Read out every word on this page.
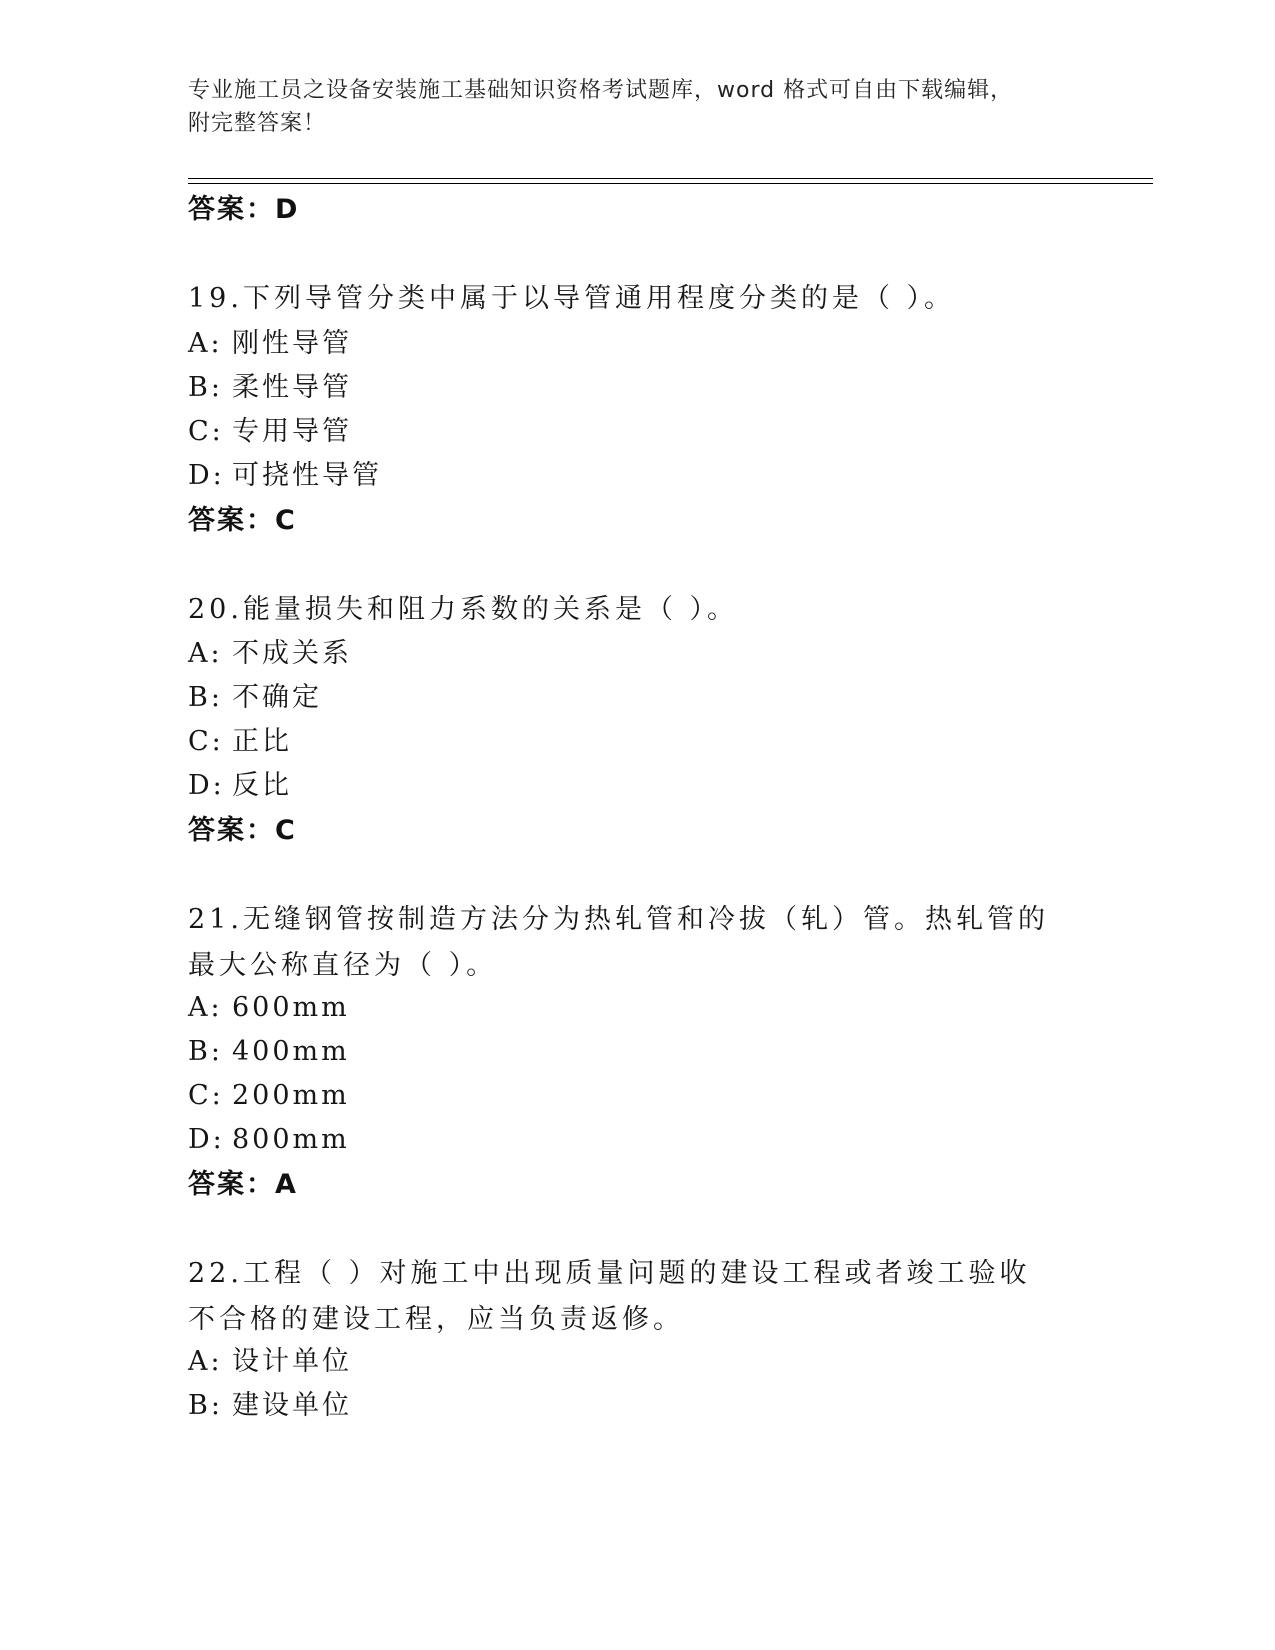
专业施工员之设备安装施工基础知识资格考试题库，word 格式可自由下载编辑，
附完整答案！
答案：D
19.下列导管分类中属于以导管通用程度分类的是（ ）。
A: 刚性导管
B: 柔性导管
C: 专用导管
D: 可挠性导管
答案：C
20.能量损失和阻力系数的关系是（ ）。
A: 不成关系
B: 不确定
C: 正比
D: 反比
答案：C
21.无缝钢管按制造方法分为热轧管和冷拔（轧）管。热轧管的最大公称直径为（ ）。
A: 600mm
B: 400mm
C: 200mm
D: 800mm
答案：A
22.工程（ ）对施工中出现质量问题的建设工程或者竣工验收不合格的建设工程，应当负责返修。
A: 设计单位
B: 建设单位
